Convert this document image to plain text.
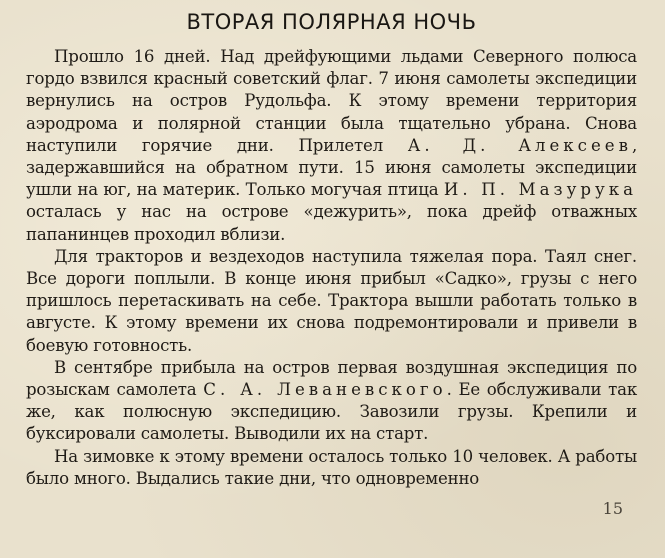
ВТОРАЯ ПОЛЯРНАЯ НОЧЬ

Прошло 16 дней. Над дрейфующими льдами Северного полюса гордо взвился красный советский флаг. 7 июня самолеты экспедиции вернулись на остров Рудольфа. К этому времени территория аэродрома и полярной станции была тщательно убрана. Снова наступили горячие дни. Прилетел А. Д. Алексеев, задержавшийся на обратном пути. 15 июня самолеты экспедиции ушли на юг, на материк. Только могучая птица И. П. Мазурука осталась у нас на острове «дежурить», пока дрейф отважных папанинцев проходил вблизи.

Для тракторов и вездеходов наступила тяжелая пора. Таял снег. Все дороги поплыли. В конце июня прибыл «Садко», грузы с него пришлось перетаскивать на себе. Трактора вышли работать только в августе. К этому времени их снова подремонтировали и привели в боевую готовность.

В сентябре прибыла на остров первая воздушная экспедиция по розыскам самолета С. А. Леваневского. Ее обслуживали так же, как полюсную экспедицию. Завозили грузы. Крепили и буксировали самолеты. Выводили их на старт.

На зимовке к этому времени осталось только 10 человек. А работы было много. Выдались такие дни, что одновременно

15
